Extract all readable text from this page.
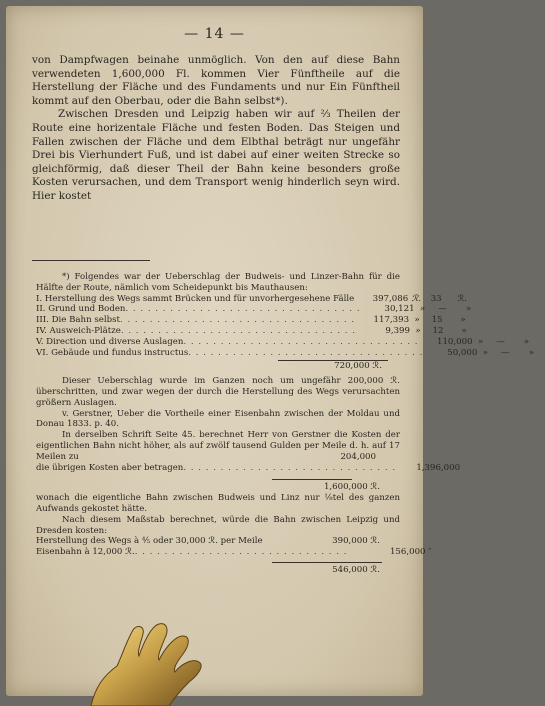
— 14 —

von Dampfwagen beinahe unmöglich. Von den auf diese Bahn verwendeten 1,600,000 Fl. kommen Vier Fünftheile auf die Herstellung der Fläche und des Fundaments und nur Ein Fünftheil kommt auf den Oberbau, oder die Bahn selbst*).

Zwischen Dresden und Leipzig haben wir auf ⅔ Theilen der Route eine horizentale Fläche und festen Boden. Das Steigen und Fallen zwischen der Fläche und dem Elbthal beträgt nur ungefähr Drei bis Vierhundert Fuß, und ist dabei auf einer weiten Strecke so gleichförmig, daß dieser Theil der Bahn keine besonders große Kosten verursachen, und dem Transport wenig hinderlich seyn wird. Hier kostet

*) Folgendes war der Ueberschlag der Budweis- und Linzer-Bahn für die Hälfte der Route, nämlich vom Scheidepunkt bis Mauthausen:

I. Herstellung des Wegs sammt Brücken und für unvorhergesehene Fälle	397,086 ℛ.	33	ℛ.
II. Grund und Boden . . . . . . . . . . . . . . . . . . . . . . . . . . . . . . . .	30,121 »	—	»
III. Die Bahn selbst . . . . . . . . . . . . . . . . . . . . . . . . . . . . . . . .	117,393 »	15	»
IV. Ausweich-Plätze . . . . . . . . . . . . . . . . . . . . . . . . . . . . . . . .	9,399 »	12	»
V. Direction und diverse Auslagen . . . . . . . . . . . . . . . . . . . . . . . . . . . . . . . .	110,000 »	—	»
VI. Gebäude und fundus instructus . . . . . . . . . . . . . . . . . . . . . . . . . . . . . . . .	50,000 »	—	»
720,000 ℛ.

Dieser Ueberschlag wurde im Ganzen noch um ungefähr 200,000 ℛ. überschritten, und zwar wegen der durch die Herstellung des Wegs verursachten größern Auslagen.

v. Gerstner, Ueber die Vortheile einer Eisenbahn zwischen der Moldau und Donau 1833. p. 40.

In derselben Schrift Seite 45. berechnet Herr von Gerstner die Kosten der eigentlichen Bahn nicht höher, als auf zwölf tausend Gulden per Meile d. h. auf 17 Meilen zu	204,000

die übrigen Kosten aber betragen . . . . . . . . . . . . . . . . . . . . . . . . . . . . .	1,396,000
1,600,000 ℛ.

wonach die eigentliche Bahn zwischen Budweis und Linz nur ⅛tel des ganzen Aufwands gekostet hätte.

Nach diesem Maßstab berechnet, würde die Bahn zwischen Leipzig und Dresden kosten:

Herstellung des Wegs à ⅘ oder 30,000 ℛ. per Meile	390,000 ℛ.
Eisenbahn à 12,000 ℛ. . . . . . . . . . . . . . . . . . . . . . . . . . . . . .	156,000 ″
546,000 ℛ.
